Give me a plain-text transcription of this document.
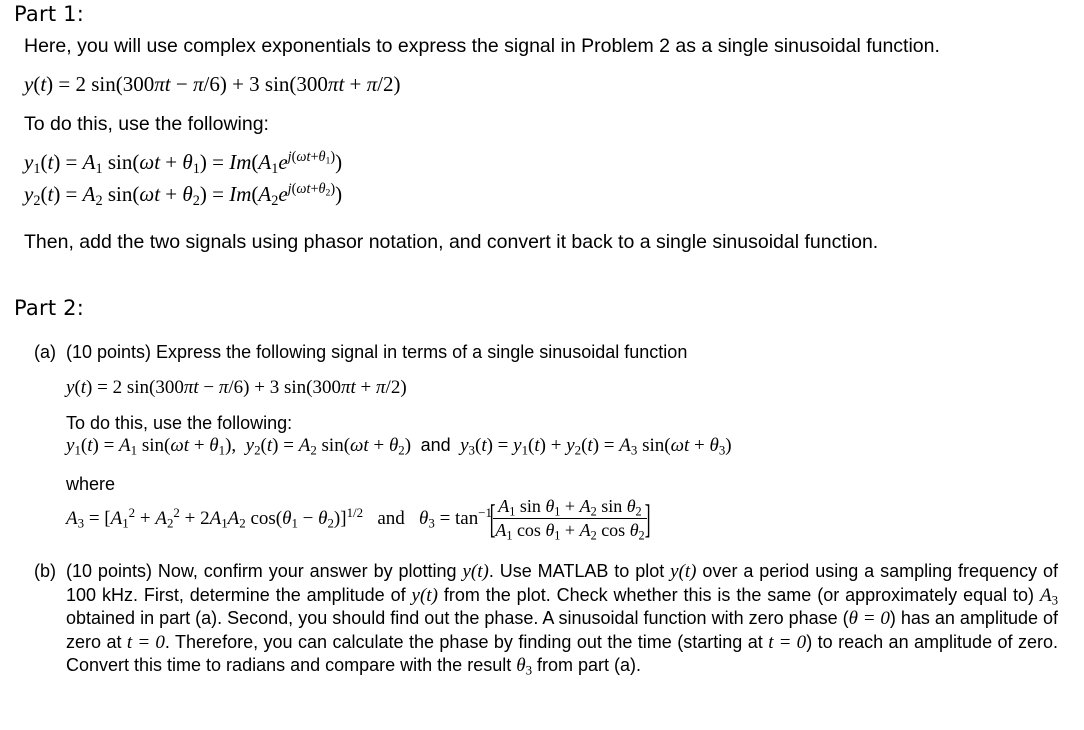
Part 1:
Here, you will use complex exponentials to express the signal in Problem 2 as a single sinusoidal function.
y(t) = 2 sin(300πt − π/6) + 3 sin(300πt + π/2)
To do this, use the following:
$y_1(t) = A_1$ $\sin(\omega t + \theta_1) = Im(A_1e^{j(\omega t+\theta_1)})$
$y_2(t) = A_2$ $\sin(\omega t + \theta_2) = Im(A_2e^{j(\omega t+\theta_2)})$
Then, add the two signals using phasor notation, and convert it back to a single sinusoidal function.
Part 2:
(a) (10 points) Express the following signal in terms of a single sinusoidal function
y(t) = 2 sin(300πt − π/6) + 3 sin(300πt + π/2)
To do this, use the following:
$y_1(t) = A_1$ $\sin(\omega t + \theta_1)$,  $y_2(t) = A_2$ $\sin(\omega t + \theta_2)$  and $y_3(t) = y_1(t) + y_2(t) = A_3$ $\sin(\omega t + \theta_3)$
where
$A_3 = [A_1^2 + A_2^2 + 2A_1A_2$ $\cos(\theta_1 - \theta_2)]^{1/2}$   and   $\theta_3 = \tan^{-1}$[
$\frac{A_1 \sin \theta_1 + A_2 \sin \theta_2}{A_1 \cos \theta_1 + A_2 \cos \theta_2}$
]
(b) (10 points) Now, confirm your answer by plotting y(t). Use MATLAB to plot y(t) over a period using a sampling frequency of 100 kHz. First, determine the amplitude of y(t) from the plot. Check whether this is the same (or approximately equal to) $A_3$ obtained in part (a). Second, you should find out the phase. A sinusoidal function with zero phase (θ = 0) has an amplitude of zero at t = 0. Therefore, you can calculate the phase by finding out the time (starting at t = 0) to reach an amplitude of zero. Convert this time to radians and compare with the result $\theta_3$ from part (a).
